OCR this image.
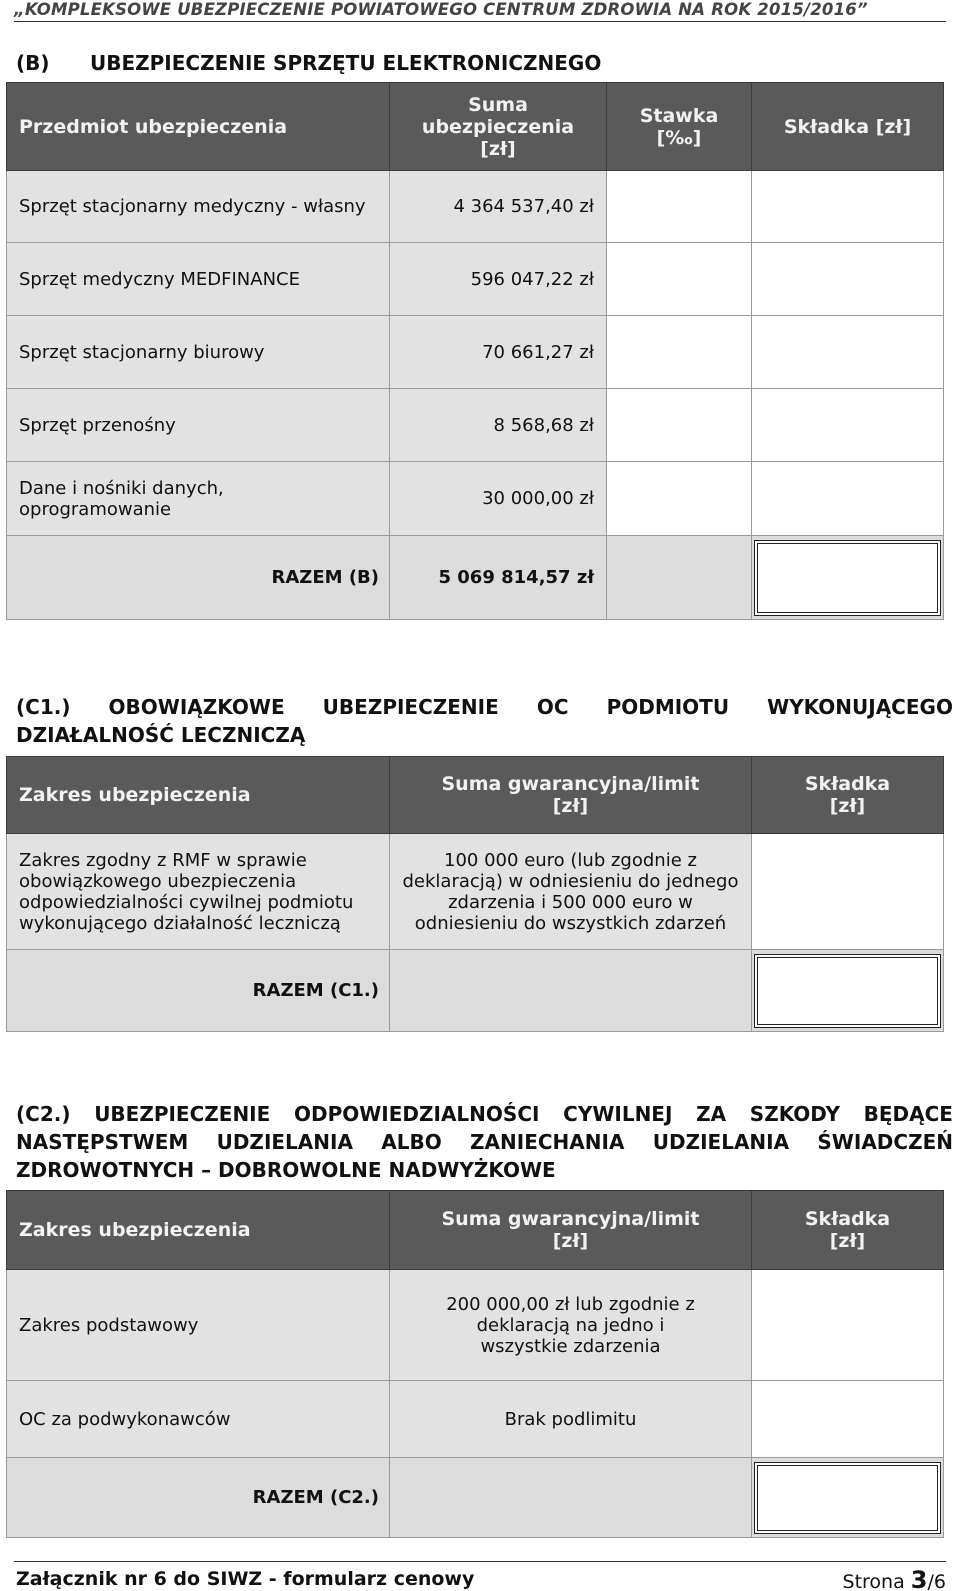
„KOMPLEKSOWE UBEZPIECZENIE POWIATOWEGO CENTRUM ZDROWIA NA ROK 2015/2016”
(B) UBEZPIECZENIE SPRZĘTU ELEKTRONICZNEGO
Przedmiot ubezpieczenia	Suma ubezpieczenia [zł]	Stawka [‰]	Składka [zł]
Sprzęt stacjonarny medyczny - własny	4 364 537,40 zł		
Sprzęt medyczny MEDFINANCE	596 047,22 zł		
Sprzęt stacjonarny biurowy	70 661,27 zł		
Sprzęt przenośny	8 568,68 zł		
Dane i nośniki danych, oprogramowanie	30 000,00 zł		
RAZEM (B)	5 069 814,57 zł		
(C1.) OBOWIĄZKOWE UBEZPIECZENIE OC PODMIOTU WYKONUJĄCEGO
DZIAŁALNOŚĆ LECZNICZĄ
Zakres ubezpieczenia	Suma gwarancyjna/limit [zł]	Składka [zł]
Zakres zgodny z RMF w sprawie obowiązkowego ubezpieczenia odpowiedzialności cywilnej podmiotu wykonującego działalność leczniczą	100 000 euro (lub zgodnie z deklaracją) w odniesieniu do jednego zdarzenia i 500 000 euro w odniesieniu do wszystkich zdarzeń	
RAZEM (C1.)		
(C2.) UBEZPIECZENIE ODPOWIEDZIALNOŚCI CYWILNEJ ZA SZKODY BĘDĄCE
NASTĘPSTWEM UDZIELANIA ALBO ZANIECHANIA UDZIELANIA ŚWIADCZEŃ
ZDROWOTNYCH – DOBROWOLNE NADWYŻKOWE
Zakres ubezpieczenia	Suma gwarancyjna/limit [zł]	Składka [zł]
Zakres podstawowy	200 000,00 zł lub zgodnie z deklaracją na jedno i wszystkie zdarzenia	
OC za podwykonawców	Brak podlimitu	
RAZEM (C2.)		
Załącznik nr 6 do SIWZ - formularz cenowy	Strona 3/6
